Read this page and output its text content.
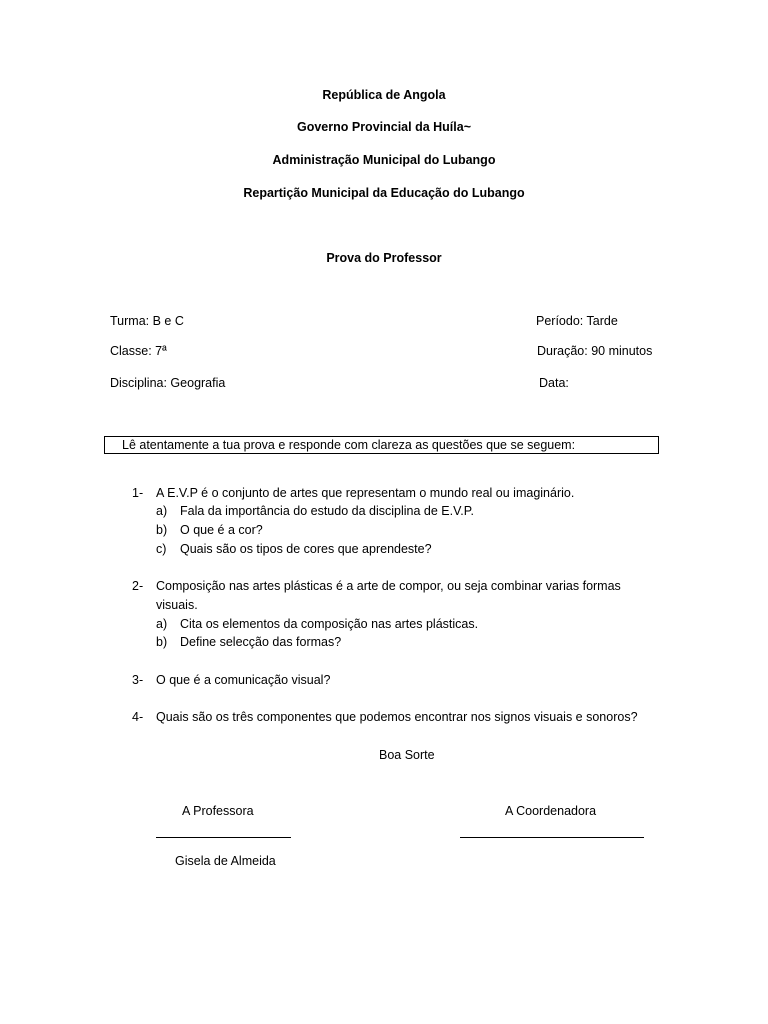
República de Angola
Governo Provincial da Huíla~
Administração Municipal do Lubango
Repartição Municipal da Educação do Lubango
Prova do Professor
Turma: B e C	Período: Tarde
Classe: 7ª	Duração: 90 minutos
Disciplina: Geografia	Data:
Lê atentamente a tua prova e responde com clareza as questões que se seguem:
1- A E.V.P é o conjunto de artes que representam o mundo real ou imaginário.
a) Fala da importância do estudo da disciplina de E.V.P.
b) O que é a cor?
c) Quais são os tipos de cores que aprendeste?
2- Composição nas artes plásticas é a arte de compor, ou seja combinar varias formas
visuais.
a) Cita os elementos da composição nas artes plásticas.
b) Define selecção das formas?
3- O que é a comunicação visual?
4- Quais são os três componentes que podemos encontrar nos signos visuais e sonoros?
Boa Sorte
A Professora	A Coordenadora
Gisela de Almeida
